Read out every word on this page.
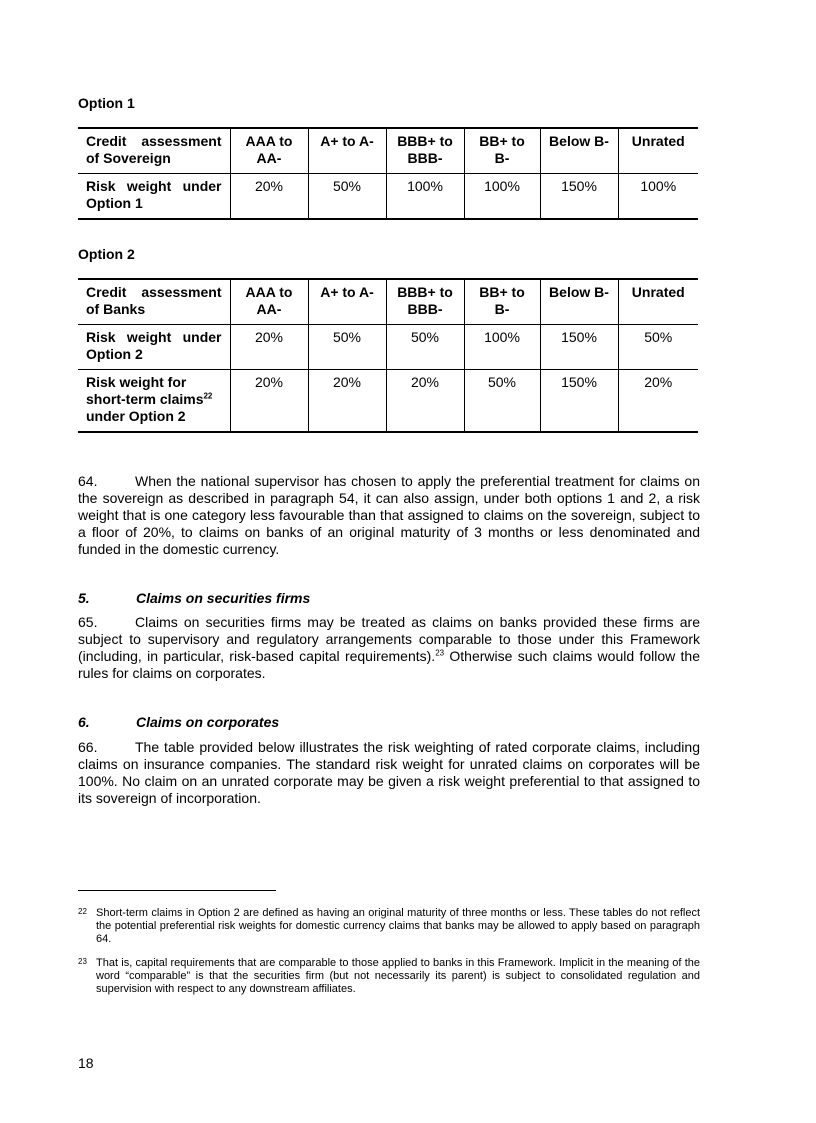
Option 1
Credit assessment of Sovereign	AAA to AA-	A+ to A-	BBB+ to BBB-	BB+ to B-	Below B-	Unrated
Risk weight under Option 1	20%	50%	100%	100%	150%	100%
Option 2
Credit assessment of Banks	AAA to AA-	A+ to A-	BBB+ to BBB-	BB+ to B-	Below B-	Unrated
Risk weight under Option 2	20%	50%	50%	100%	150%	50%
Risk weight for short-term claims$^{22}$ under Option 2	20%	20%	20%	50%	150%	20%
64.	When the national supervisor has chosen to apply the preferential treatment for claims on the sovereign as described in paragraph 54, it can also assign, under both options 1 and 2, a risk weight that is one category less favourable than that assigned to claims on the sovereign, subject to a floor of 20%, to claims on banks of an original maturity of 3 months or less denominated and funded in the domestic currency.
5.	Claims on securities firms
65.	Claims on securities firms may be treated as claims on banks provided these firms are subject to supervisory and regulatory arrangements comparable to those under this Framework (including, in particular, risk-based capital requirements).$^{23}$ Otherwise such claims would follow the rules for claims on corporates.
6.	Claims on corporates
66.	The table provided below illustrates the risk weighting of rated corporate claims, including claims on insurance companies. The standard risk weight for unrated claims on corporates will be 100%. No claim on an unrated corporate may be given a risk weight preferential to that assigned to its sovereign of incorporation.
22 Short-term claims in Option 2 are defined as having an original maturity of three months or less. These tables do not reflect the potential preferential risk weights for domestic currency claims that banks may be allowed to apply based on paragraph 64.
23 That is, capital requirements that are comparable to those applied to banks in this Framework. Implicit in the meaning of the word “comparable” is that the securities firm (but not necessarily its parent) is subject to consolidated regulation and supervision with respect to any downstream affiliates.
18
